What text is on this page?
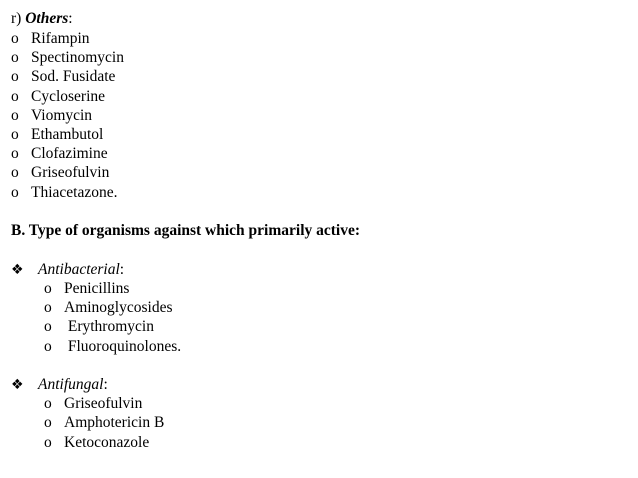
r) Others:
o Rifampin
o Spectinomycin
o Sod. Fusidate
o Cycloserine
o Viomycin
o Ethambutol
o Clofazimine
o Griseofulvin
o Thiacetazone.
B. Type of organisms against which primarily active:
❖ Antibacterial:
o Penicillins
o Aminoglycosides
o Erythromycin
o Fluoroquinolones.
❖ Antifungal:
o Griseofulvin
o Amphotericin B
o Ketoconazole
